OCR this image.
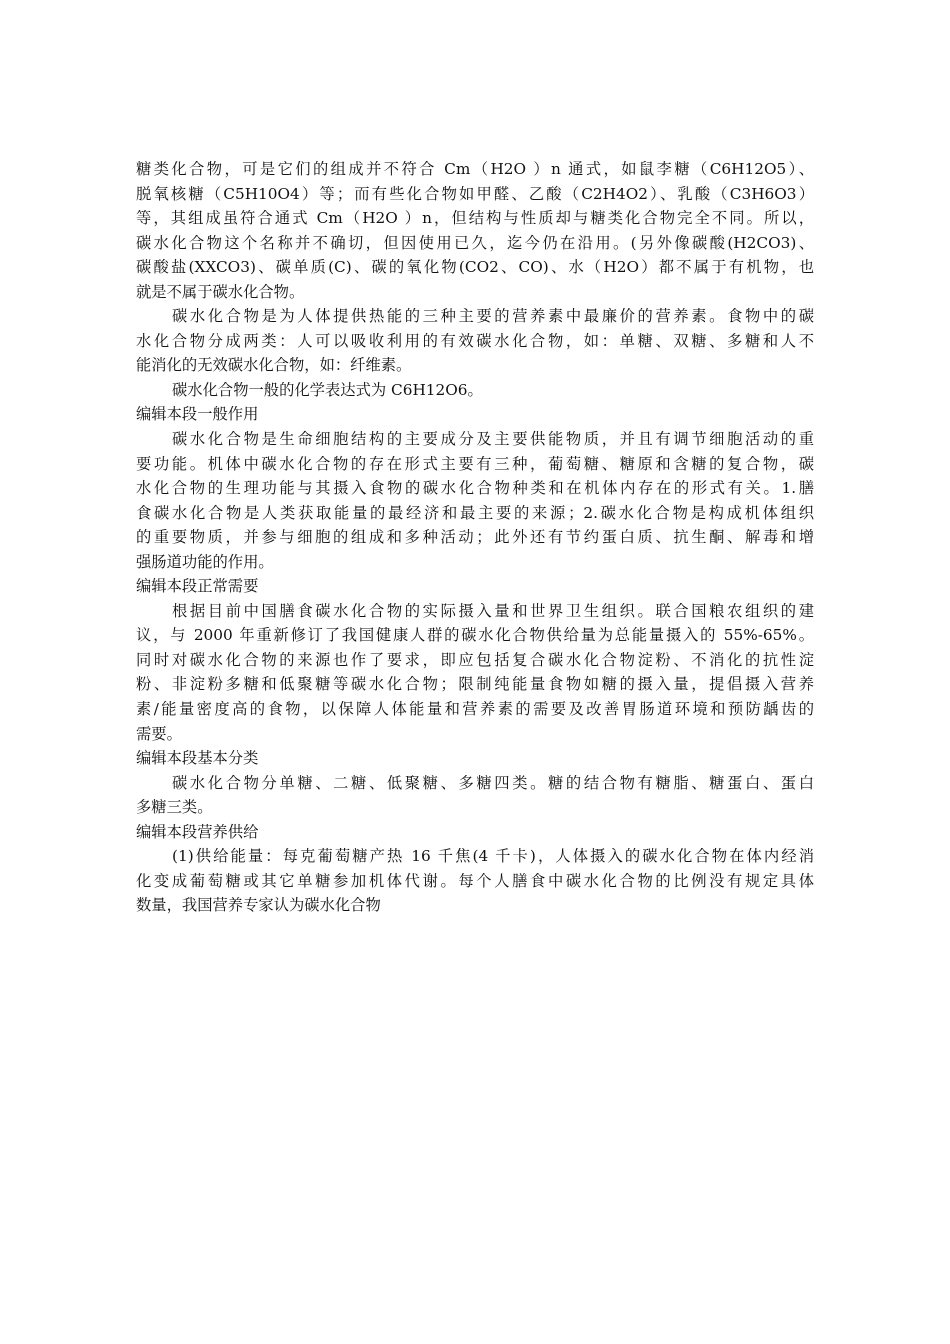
糖类化合物，可是它们的组成并不符合 Cm（H2O ）n 通式，如鼠李糖（C6H12O5）、
脱氧核糖（C5H10O4）等；而有些化合物如甲醛、乙酸（C2H4O2）、乳酸（C3H6O3）
等，其组成虽符合通式 Cm（H2O ）n，但结构与性质却与糖类化合物完全不同。所以，
碳水化合物这个名称并不确切，但因使用已久，迄今仍在沿用。(另外像碳酸(H2CO3)、
碳酸盐(XXCO3)、碳单质(C)、碳的氧化物(CO2、CO)、水（H2O）都不属于有机物，也
就是不属于碳水化合物。
碳水化合物是为人体提供热能的三种主要的营养素中最廉价的营养素。食物中的碳
水化合物分成两类：人可以吸收利用的有效碳水化合物，如：单糖、双糖、多糖和人不
能消化的无效碳水化合物，如：纤维素。
碳水化合物一般的化学表达式为 C6H12O6。
编辑本段一般作用
碳水化合物是生命细胞结构的主要成分及主要供能物质，并且有调节细胞活动的重
要功能。机体中碳水化合物的存在形式主要有三种，葡萄糖、糖原和含糖的复合物，碳
水化合物的生理功能与其摄入食物的碳水化合物种类和在机体内存在的形式有关。1.膳
食碳水化合物是人类获取能量的最经济和最主要的来源；2.碳水化合物是构成机体组织
的重要物质，并参与细胞的组成和多种活动；此外还有节约蛋白质、抗生酮、解毒和增
强肠道功能的作用。
编辑本段正常需要
根据目前中国膳食碳水化合物的实际摄入量和世界卫生组织。联合国粮农组织的建
议，与 2000 年重新修订了我国健康人群的碳水化合物供给量为总能量摄入的 55%-65%。
同时对碳水化合物的来源也作了要求，即应包括复合碳水化合物淀粉、不消化的抗性淀
粉、非淀粉多糖和低聚糖等碳水化合物；限制纯能量食物如糖的摄入量，提倡摄入营养
素/能量密度高的食物，以保障人体能量和营养素的需要及改善胃肠道环境和预防龋齿的
需要。
编辑本段基本分类
碳水化合物分单糖、二糖、低聚糖、多糖四类。糖的结合物有糖脂、糖蛋白、蛋白
多糖三类。
编辑本段营养供给
(1)供给能量：每克葡萄糖产热 16 千焦(4 千卡)，人体摄入的碳水化合物在体内经消
化变成葡萄糖或其它单糖参加机体代谢。每个人膳食中碳水化合物的比例没有规定具体
数量，我国营养专家认为碳水化合物
